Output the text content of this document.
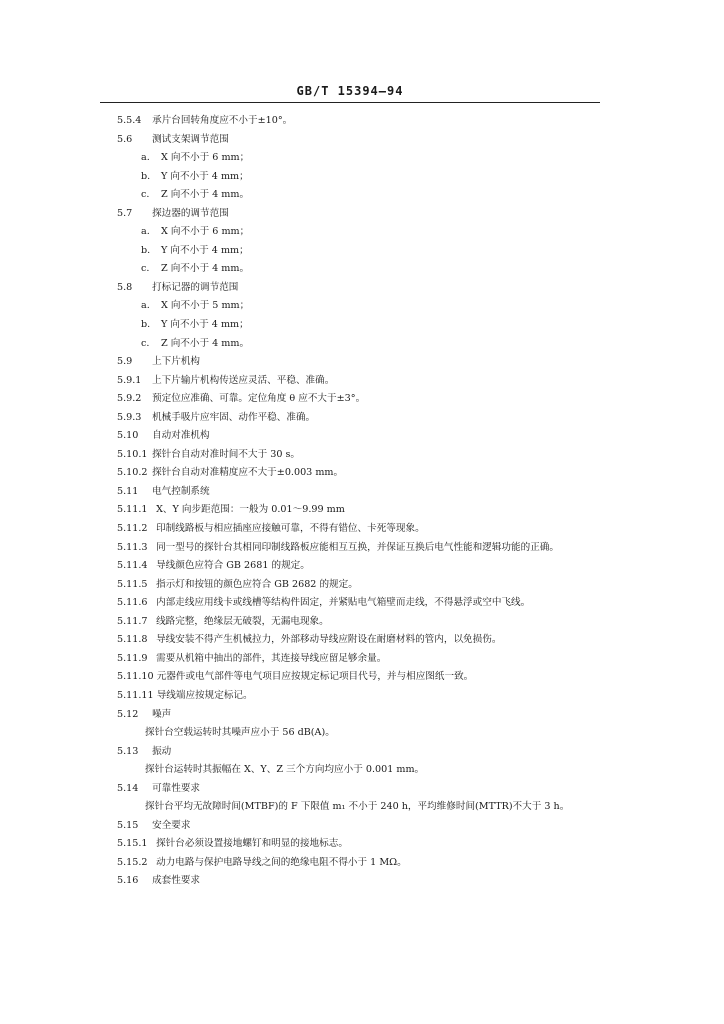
GB/T 15394—94
5.5.4 承片台回转角度应不小于±10°。
5.6 测试支架调节范围
a. X 向不小于 6 mm；
b. Y 向不小于 4 mm；
c. Z 向不小于 4 mm。
5.7 探边器的调节范围
a. X 向不小于 6 mm；
b. Y 向不小于 4 mm；
c. Z 向不小于 4 mm。
5.8 打标记器的调节范围
a. X 向不小于 5 mm；
b. Y 向不小于 4 mm；
c. Z 向不小于 4 mm。
5.9 上下片机构
5.9.1 上下片输片机构传送应灵活、平稳、准确。
5.9.2 预定位应准确、可靠。定位角度 θ 应不大于±3°。
5.9.3 机械手吸片应牢固、动作平稳、准确。
5.10 自动对准机构
5.10.1 探针台自动对准时间不大于 30 s。
5.10.2 探针台自动对准精度应不大于±0.003 mm。
5.11 电气控制系统
5.11.1 X、Y 向步距范围：一般为 0.01～9.99 mm
5.11.2 印制线路板与相应插座应接触可靠，不得有错位、卡死等现象。
5.11.3 同一型号的探针台其相同印制线路板应能相互互换，并保证互换后电气性能和逻辑功能的正确。
5.11.4 导线颜色应符合 GB 2681 的规定。
5.11.5 指示灯和按钮的颜色应符合 GB 2682 的规定。
5.11.6 内部走线应用线卡或线槽等结构件固定，并紧贴电气箱壁而走线，不得悬浮或空中飞线。
5.11.7 线路完整，绝缘层无破裂，无漏电现象。
5.11.8 导线安装不得产生机械拉力，外部移动导线应附设在耐磨材料的管内，以免损伤。
5.11.9 需要从机箱中抽出的部件，其连接导线应留足够余量。
5.11.10 元器件或电气部件等电气项目应按规定标记项目代号，并与相应图纸一致。
5.11.11 导线端应按规定标记。
5.12 噪声
探针台空载运转时其噪声应小于 56 dB(A)。
5.13 振动
探针台运转时其振幅在 X、Y、Z 三个方向均应小于 0.001 mm。
5.14 可靠性要求
探针台平均无故障时间(MTBF)的 F 下限值 m₁ 不小于 240 h，平均维修时间(MTTR)不大于 3 h。
5.15 安全要求
5.15.1 探针台必须设置接地螺钉和明显的接地标志。
5.15.2 动力电路与保护电路导线之间的绝缘电阻不得小于 1 MΩ。
5.16 成套性要求
